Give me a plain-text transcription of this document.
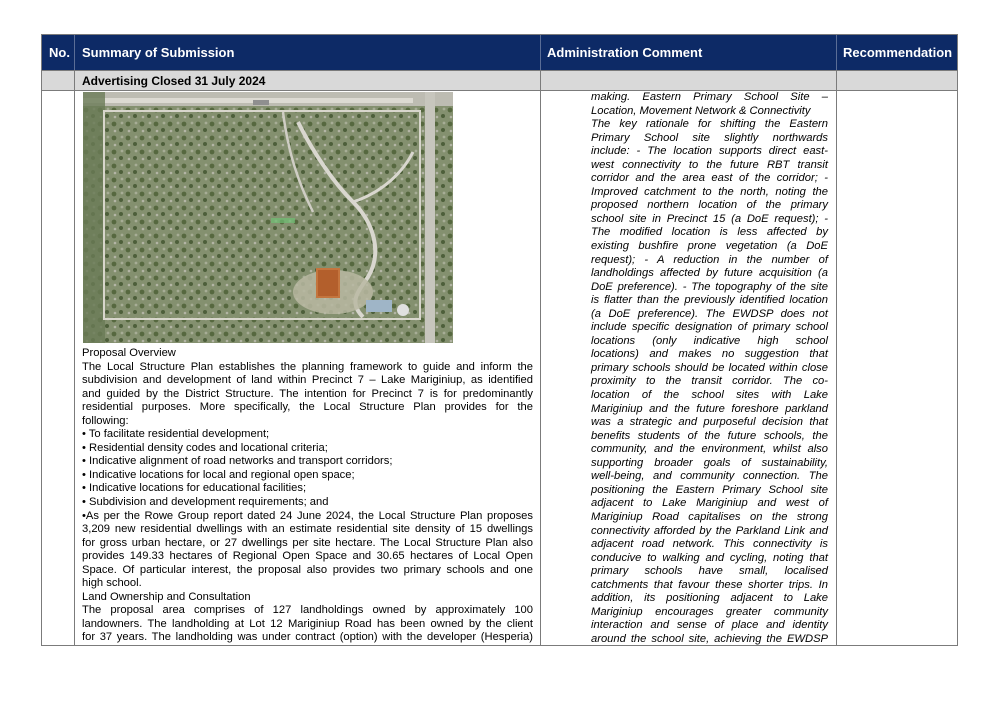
No. Summary of Submission	Administration Comment	Recommendation
Advertising Closed 31 July 2024
Proposal Overview
The Local Structure Plan establishes the planning framework to guide and inform the
subdivision and development of land within Precinct 7 – Lake Mariginiup, as identified
and guided by the District Structure. The intention for Precinct 7 is for predominantly
residential purposes. More specifically, the Local Structure Plan provides for the
following:
• To facilitate residential development;
• Residential density codes and locational criteria;
• Indicative alignment of road networks and transport corridors;
• Indicative locations for local and regional open space;
• Indicative locations for educational facilities;
• Subdivision and development requirements; and
•As per the Rowe Group report dated 24 June 2024, the Local Structure Plan proposes
3,209 new residential dwellings with an estimate residential site density of 15 dwellings
for gross urban hectare, or 27 dwellings per site hectare. The Local Structure Plan also
provides 149.33 hectares of Regional Open Space and 30.65 hectares of Local Open
Space. Of particular interest, the proposal also provides two primary schools and one
high school.
Land Ownership and Consultation
The proposal area comprises of 127 landholdings owned by approximately 100
landowners. The landholding at Lot 12 Mariginiup Road has been owned by the client
for 37 years. The landholding was under contract (option) with the developer (Hesperia)
making. Eastern Primary School Site –
Location, Movement Network & Connectivity
The key rationale for shifting the Eastern
Primary School site slightly northwards
include: - The location supports direct east-
west connectivity to the future RBT transit
corridor and the area east of the corridor; -
Improved catchment to the north, noting the
proposed northern location of the primary
school site in Precinct 15 (a DoE request); -
The modified location is less affected by
existing bushfire prone vegetation (a DoE
request); - A reduction in the number of
landholdings affected by future acquisition (a
DoE preference). - The topography of the site
is flatter than the previously identified location
(a DoE preference). The EWDSP does not
include specific designation of primary school
locations (only indicative high school
locations) and makes no suggestion that
primary schools should be located within close
proximity to the transit corridor. The co-
location of the school sites with Lake
Mariginiup and the future foreshore parkland
was a strategic and purposeful decision that
benefits students of the future schools, the
community, and the environment, whilst also
supporting broader goals of sustainability,
well-being, and community connection. The
positioning the Eastern Primary School site
adjacent to Lake Mariginiup and west of
Mariginiup Road capitalises on the strong
connectivity afforded by the Parkland Link and
adjacent road network. This connectivity is
conducive to walking and cycling, noting that
primary schools have small, localised
catchments that favour these shorter trips. In
addition, its positioning adjacent to Lake
Mariginiup encourages greater community
interaction and sense of place and identity
around the school site, achieving the EWDSP
